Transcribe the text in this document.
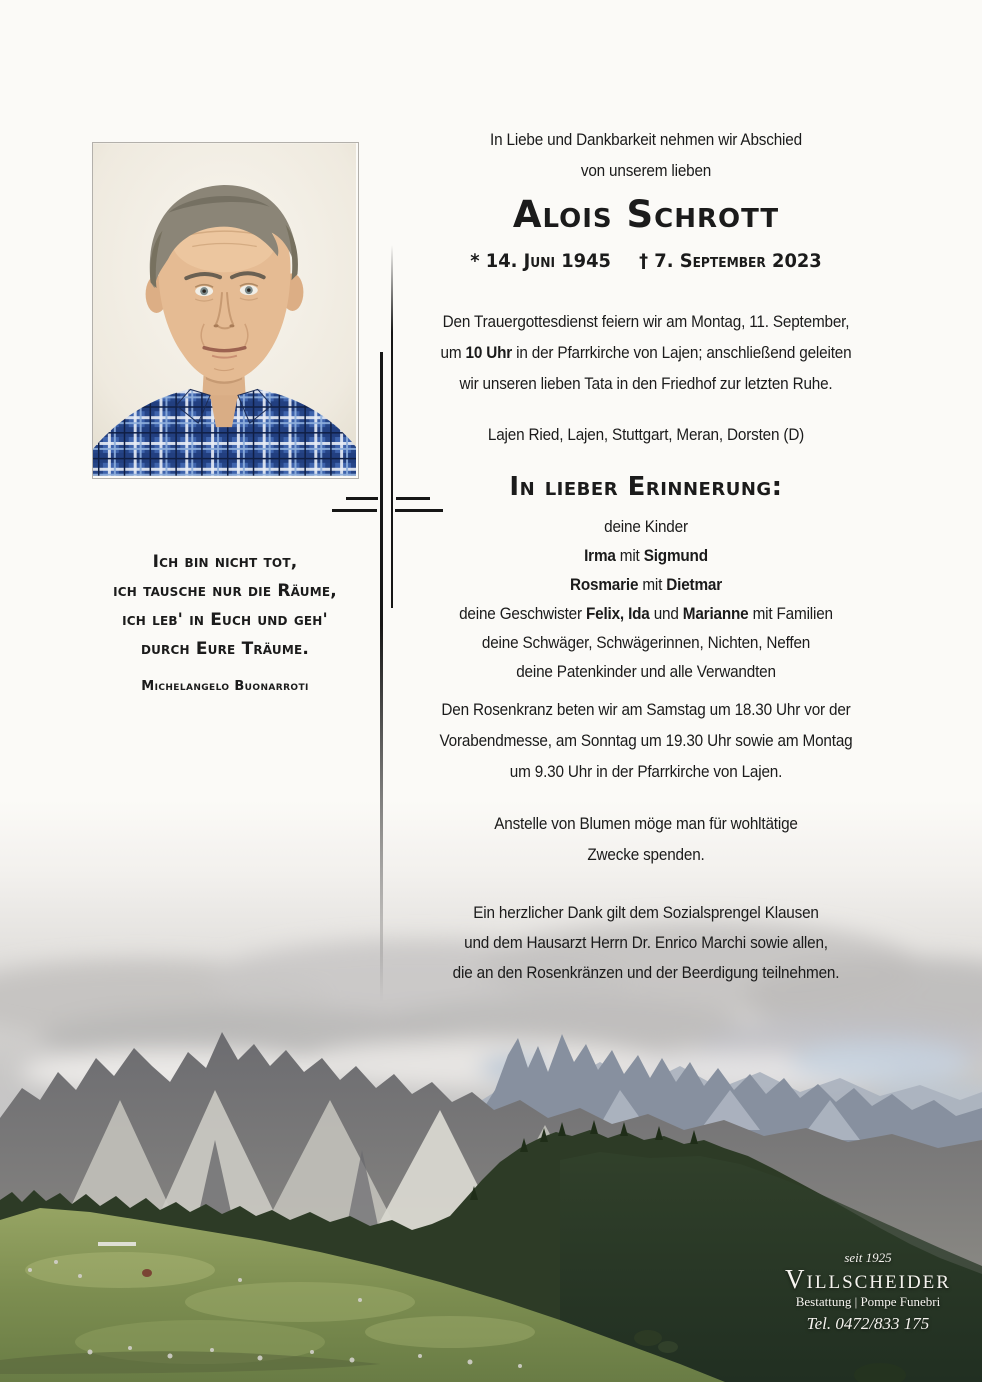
In Liebe und Dankbarkeit nehmen wir Abschied
von unserem lieben
Alois Schrott
* 14. Juni 1945 † 7. September 2023
Den Trauergottesdienst feiern wir am Montag, 11. September,
um 10 Uhr in der Pfarrkirche von Lajen; anschließend geleiten
wir unseren lieben Tata in den Friedhof zur letzten Ruhe.
Lajen Ried, Lajen, Stuttgart, Meran, Dorsten (D)
In lieber Erinnerung:
deine Kinder
Irma mit Sigmund
Rosmarie mit Dietmar
deine Geschwister Felix, Ida und Marianne mit Familien
deine Schwäger, Schwägerinnen, Nichten, Neffen
deine Patenkinder und alle Verwandten
Den Rosenkranz beten wir am Samstag um 18.30 Uhr vor der
Vorabendmesse, am Sonntag um 19.30 Uhr sowie am Montag
um 9.30 Uhr in der Pfarrkirche von Lajen.
Anstelle von Blumen möge man für wohltätige
Zwecke spenden.
Ein herzlicher Dank gilt dem Sozialsprengel Klausen
und dem Hausarzt Herrn Dr. Enrico Marchi sowie allen,
die an den Rosenkränzen und der Beerdigung teilnehmen.
Ich bin nicht tot,
ich tausche nur die Räume,
ich leb' in Euch und geh'
durch Eure Träume.
Michelangelo Buonarroti
seit 1925
Villscheider
Bestattung | Pompe Funebri
Tel. 0472/833 175
